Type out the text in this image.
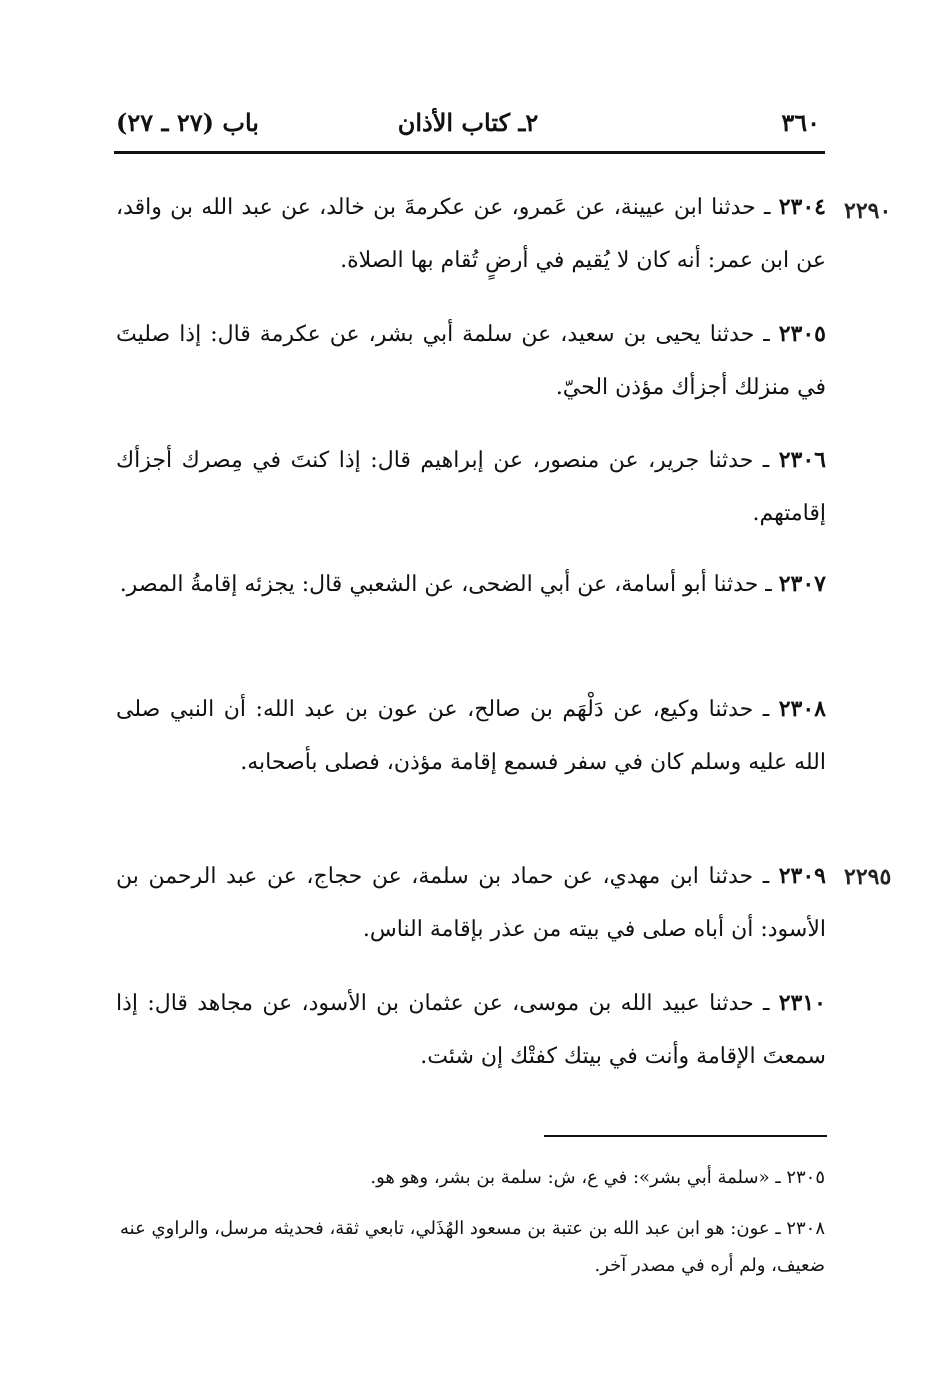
٣٦٠
٢ـ كتاب الأذان
باب (٢٧ ـ ٢٧)
٢٢٩٠
٢٢٩٥
٢٣٠٤ ـ حدثنا ابن عيينة، عن عَمرو، عن عكرمةَ بن خالد، عن عبد الله بن واقد، عن ابن عمر: أنه كان لا يُقيم في أرضٍ تُقام بها الصلاة.
٢٣٠٥ ـ حدثنا يحيى بن سعيد، عن سلمة أبي بشر، عن عكرمة قال: إذا صليتَ في منزلك أجزأك مؤذن الحيّ.
٢٣٠٦ ـ حدثنا جرير، عن منصور، عن إبراهيم قال: إذا كنتَ في مِصرك أجزأك إقامتهم.
٢٣٠٧ ـ حدثنا أبو أسامة، عن أبي الضحى، عن الشعبي قال: يجزئه إقامةُ المصر.
٢٣٠٨ ـ حدثنا وكيع، عن دَلْهَم بن صالح، عن عون بن عبد الله: أن النبي صلى الله عليه وسلم كان في سفر فسمع إقامة مؤذن، فصلى بأصحابه.
٢٣٠٩ ـ حدثنا ابن مهدي، عن حماد بن سلمة، عن حجاج، عن عبد الرحمن بن الأسود: أن أباه صلى في بيته من عذر بإقامة الناس.
٢٣١٠ ـ حدثنا عبيد الله بن موسى، عن عثمان بن الأسود، عن مجاهد قال: إذا سمعتَ الإقامة وأنت في بيتك كفتْك إن شئت.
٢٣٠٥ ـ «سلمة أبي بشر»: في ع، ش: سلمة بن بشر، وهو هو.
٢٣٠٨ ـ عون: هو ابن عبد الله بن عتبة بن مسعود الهُذَلي، تابعي ثقة، فحديثه مرسل، والراوي عنه ضعيف، ولم أره في مصدر آخر.
